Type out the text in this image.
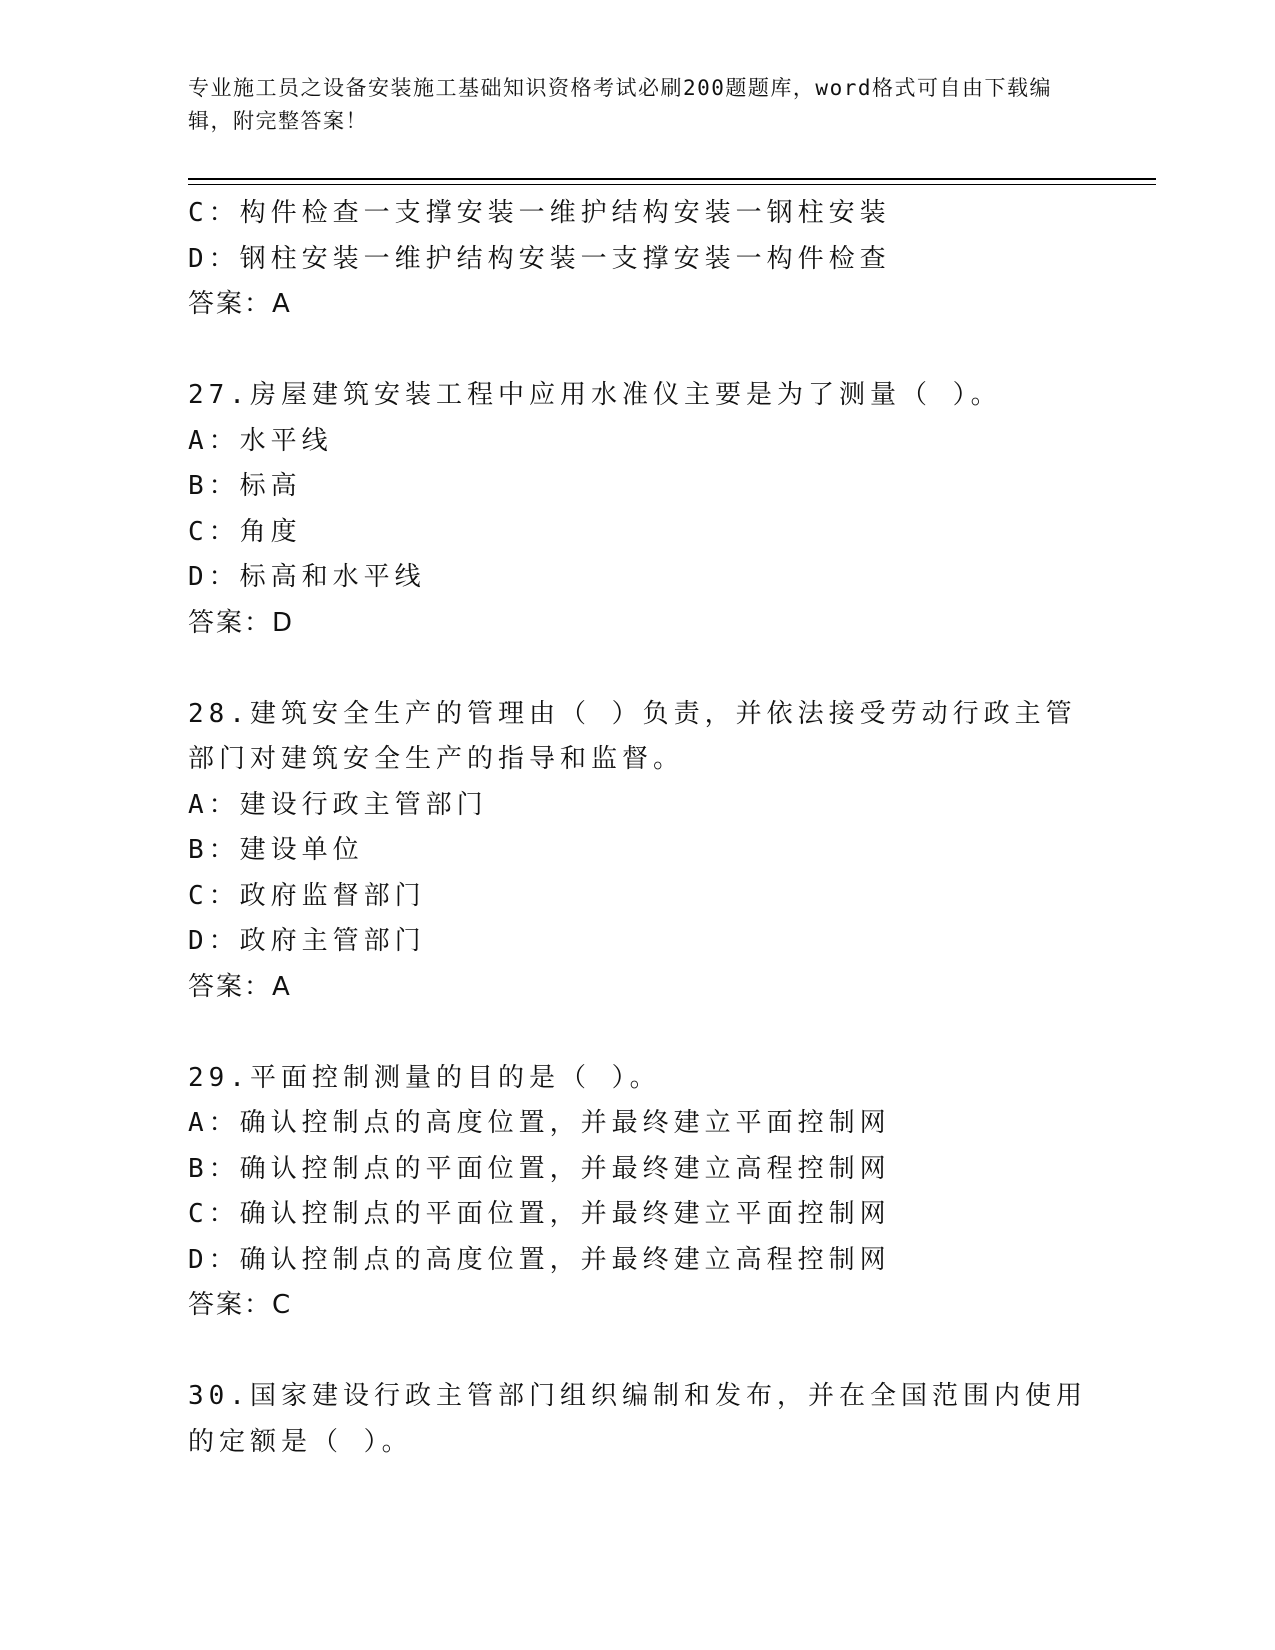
专业施工员之设备安装施工基础知识资格考试必刷200题题库，word格式可自由下载编辑，附完整答案！
C：构件检查一支撑安装一维护结构安装一钢柱安装
D：钢柱安装一维护结构安装一支撑安装一构件检查
答案：A
27.房屋建筑安装工程中应用水准仪主要是为了测量（ ）。
A：水平线
B：标高
C：角度
D：标高和水平线
答案：D
28.建筑安全生产的管理由（ ）负责，并依法接受劳动行政主管部门对建筑安全生产的指导和监督。
A：建设行政主管部门
B：建设单位
C：政府监督部门
D：政府主管部门
答案：A
29.平面控制测量的目的是（ ）。
A：确认控制点的高度位置，并最终建立平面控制网
B：确认控制点的平面位置，并最终建立高程控制网
C：确认控制点的平面位置，并最终建立平面控制网
D：确认控制点的高度位置，并最终建立高程控制网
答案：C
30.国家建设行政主管部门组织编制和发布，并在全国范围内使用的定额是（ ）。
